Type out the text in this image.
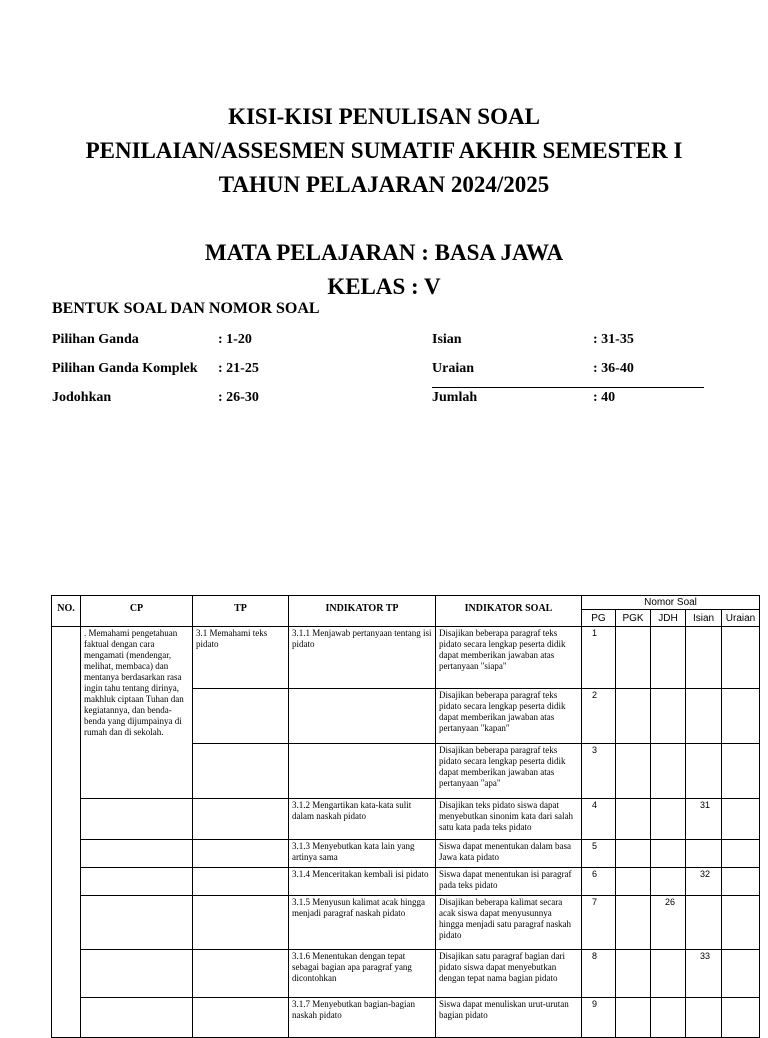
KISI-KISI PENULISAN SOAL
PENILAIAN/ASSESMEN SUMATIF AKHIR SEMESTER I
TAHUN PELAJARAN 2024/2025
MATA PELAJARAN : BASA JAWA
KELAS : V
BENTUK SOAL DAN NOMOR SOAL
Pilihan Ganda	: 1-20
Pilihan Ganda Komplek : 21-25
Jodohkan	: 26-30
Isian	: 31-35
Uraian	: 36-40
Jumlah	: 40
NO.	CP	TP	INDIKATOR TP	INDIKATOR SOAL	Nomor Soal				
					PG	PGK	JDH	Isian	Uraian
	. Memahami pengetahuan faktual dengan cara mengamati (mendengar, melihat, membaca) dan mentanya berdasarkan rasa ingin tahu tentang dirinya, makhluk ciptaan Tuhan dan kegiatannya, dan benda-benda yang dijumpainya di rumah dan di sekolah.	3.1 Memahami teks pidato	3.1.1 Menjawab pertanyaan tentang isi pidato	Disajikan beberapa paragraf teks pidato secara lengkap peserta didik dapat memberikan jawaban atas pertanyaan "siapa"	1				
				Disajikan beberapa paragraf teks pidato secara lengkap peserta didik dapat memberikan jawaban atas pertanyaan "kapan"	2				
				Disajikan beberapa paragraf teks pidato secara lengkap peserta didik dapat memberikan jawaban atas pertanyaan "apa"	3				
			3.1.2 Mengartikan kata-kata sulit dalam naskah pidato	Disajikan teks pidato siswa dapat menyebutkan sinonim kata dari salah satu kata pada teks pidato	4			31	
			3.1.3 Menyebutkan kata lain yang artinya sama	Siswa dapat menentukan dalam basa Jawa kata pidato	5				
			3.1.4 Menceritakan kembali isi pidato	Siswa dapat menentukan isi paragraf pada teks pidato	6			32	
			3.1.5 Menyusun kalimat acak hingga menjadi paragraf naskah pidato	Disajikan beberapa kalimat secara acak siswa dapat menyusunnya hingga menjadi satu paragraf naskah pidato	7		26		
			3.1.6 Menentukan dengan tepat sebagai bagian apa paragraf yang dicontohkan	Disajikan satu paragraf bagian dari pidato siswa dapat menyebutkan dengan tepat nama bagian pidato	8			33	
			3.1.7 Menyebutkan bagian-bagian naskah pidato	Siswa dapat menuliskan urut-urutan bagian pidato	9				
